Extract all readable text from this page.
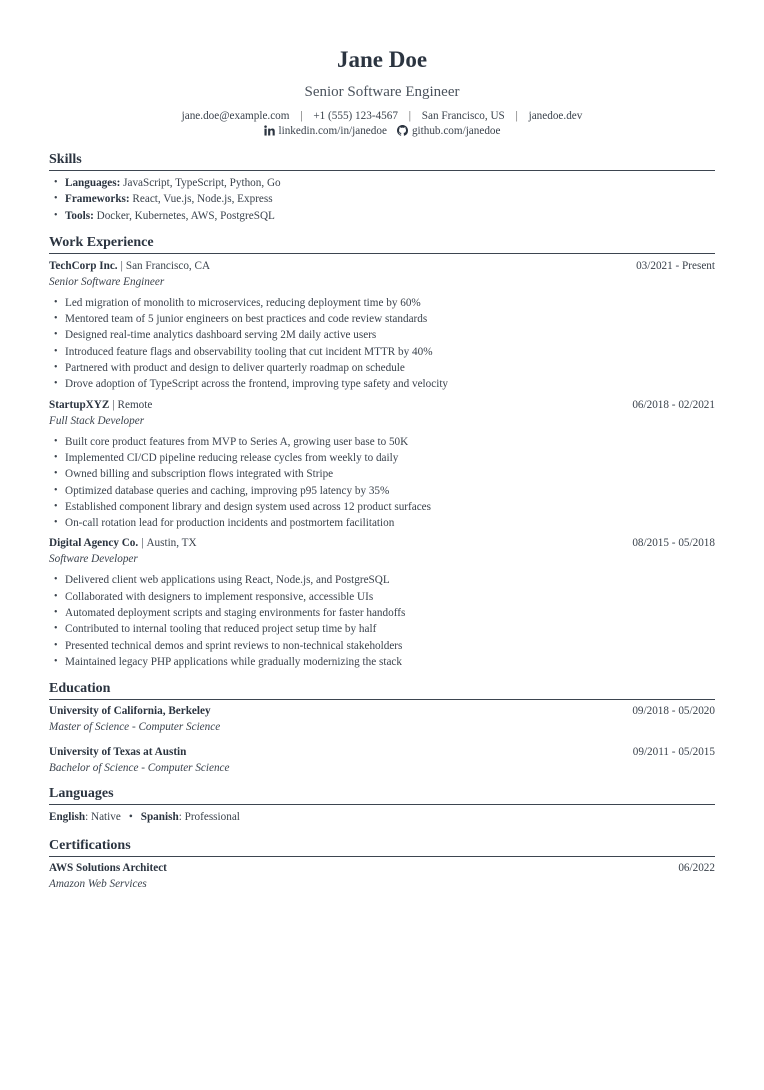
Jane Doe
Senior Software Engineer
jane.doe@example.com | +1 (555) 123-4567 | San Francisco, US | janedoe.dev
linkedin.com/in/janedoe github.com/janedoe
Skills
• Languages: JavaScript, TypeScript, Python, Go
• Frameworks: React, Vue.js, Node.js, Express
• Tools: Docker, Kubernetes, AWS, PostgreSQL
Work Experience
TechCorp Inc. | San Francisco, CA	03/2021 - Present
Senior Software Engineer
• Led migration of monolith to microservices, reducing deployment time by 60%
• Mentored team of 5 junior engineers on best practices and code review standards
• Designed real-time analytics dashboard serving 2M daily active users
• Introduced feature flags and observability tooling that cut incident MTTR by 40%
• Partnered with product and design to deliver quarterly roadmap on schedule
• Drove adoption of TypeScript across the frontend, improving type safety and velocity
StartupXYZ | Remote	06/2018 - 02/2021
Full Stack Developer
• Built core product features from MVP to Series A, growing user base to 50K
• Implemented CI/CD pipeline reducing release cycles from weekly to daily
• Owned billing and subscription flows integrated with Stripe
• Optimized database queries and caching, improving p95 latency by 35%
• Established component library and design system used across 12 product surfaces
• On-call rotation lead for production incidents and postmortem facilitation
Digital Agency Co. | Austin, TX	08/2015 - 05/2018
Software Developer
• Delivered client web applications using React, Node.js, and PostgreSQL
• Collaborated with designers to implement responsive, accessible UIs
• Automated deployment scripts and staging environments for faster handoffs
• Contributed to internal tooling that reduced project setup time by half
• Presented technical demos and sprint reviews to non-technical stakeholders
• Maintained legacy PHP applications while gradually modernizing the stack
Education
University of California, Berkeley	09/2018 - 05/2020
Master of Science - Computer Science
University of Texas at Austin	09/2011 - 05/2015
Bachelor of Science - Computer Science
Languages
English: Native • Spanish: Professional
Certifications
AWS Solutions Architect	06/2022
Amazon Web Services
